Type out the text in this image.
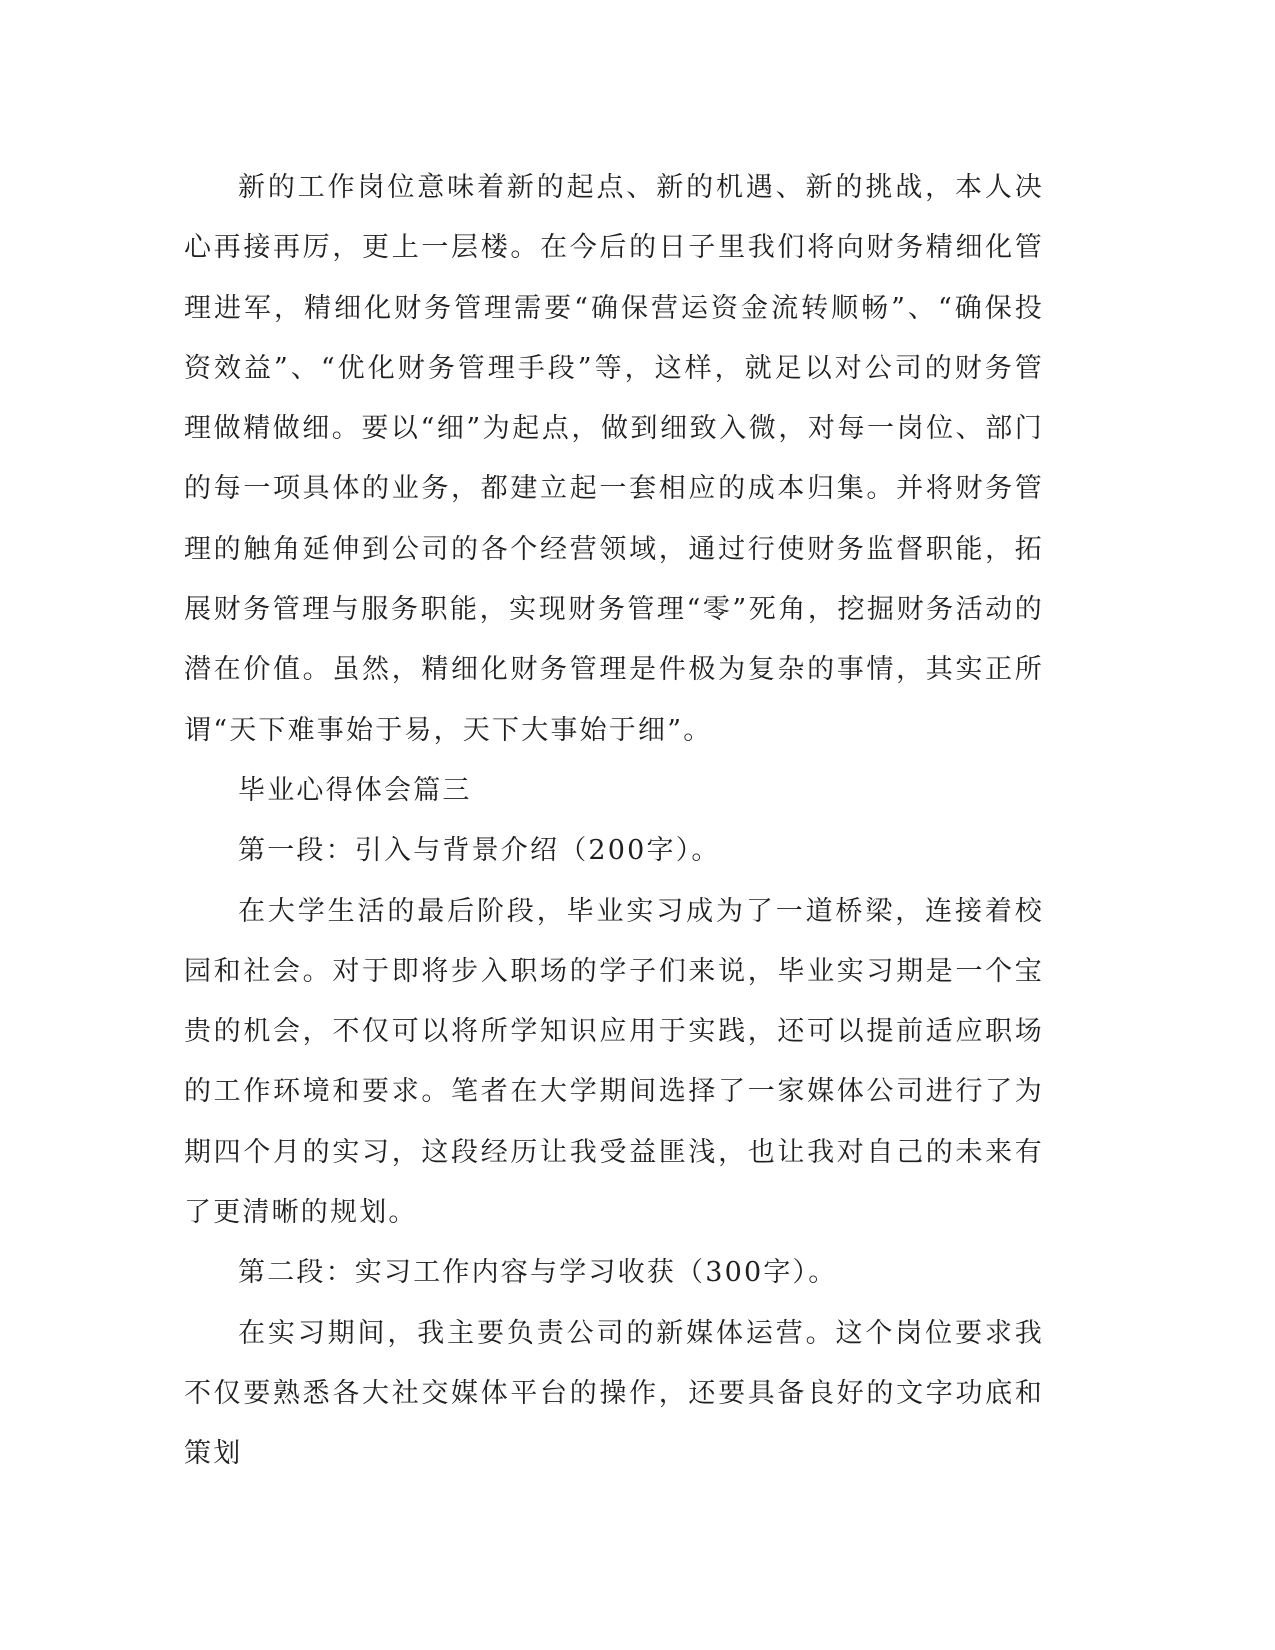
新的工作岗位意味着新的起点、新的机遇、新的挑战，本人决心再接再厉，更上一层楼。在今后的日子里我们将向财务精细化管理进军，精细化财务管理需要“确保营运资金流转顺畅”、“确保投资效益”、“优化财务管理手段”等，这样，就足以对公司的财务管理做精做细。要以“细”为起点，做到细致入微，对每一岗位、部门的每一项具体的业务，都建立起一套相应的成本归集。并将财务管理的触角延伸到公司的各个经营领域，通过行使财务监督职能，拓展财务管理与服务职能，实现财务管理“零”死角，挖掘财务活动的潜在价值。虽然，精细化财务管理是件极为复杂的事情，其实正所谓“天下难事始于易，天下大事始于细”。

毕业心得体会篇三

第一段：引入与背景介绍（200字）。

在大学生活的最后阶段，毕业实习成为了一道桥梁，连接着校园和社会。对于即将步入职场的学子们来说，毕业实习期是一个宝贵的机会，不仅可以将所学知识应用于实践，还可以提前适应职场的工作环境和要求。笔者在大学期间选择了一家媒体公司进行了为期四个月的实习，这段经历让我受益匪浅，也让我对自己的未来有了更清晰的规划。

第二段：实习工作内容与学习收获（300字）。

在实习期间，我主要负责公司的新媒体运营。这个岗位要求我不仅要熟悉各大社交媒体平台的操作，还要具备良好的文字功底和策划
